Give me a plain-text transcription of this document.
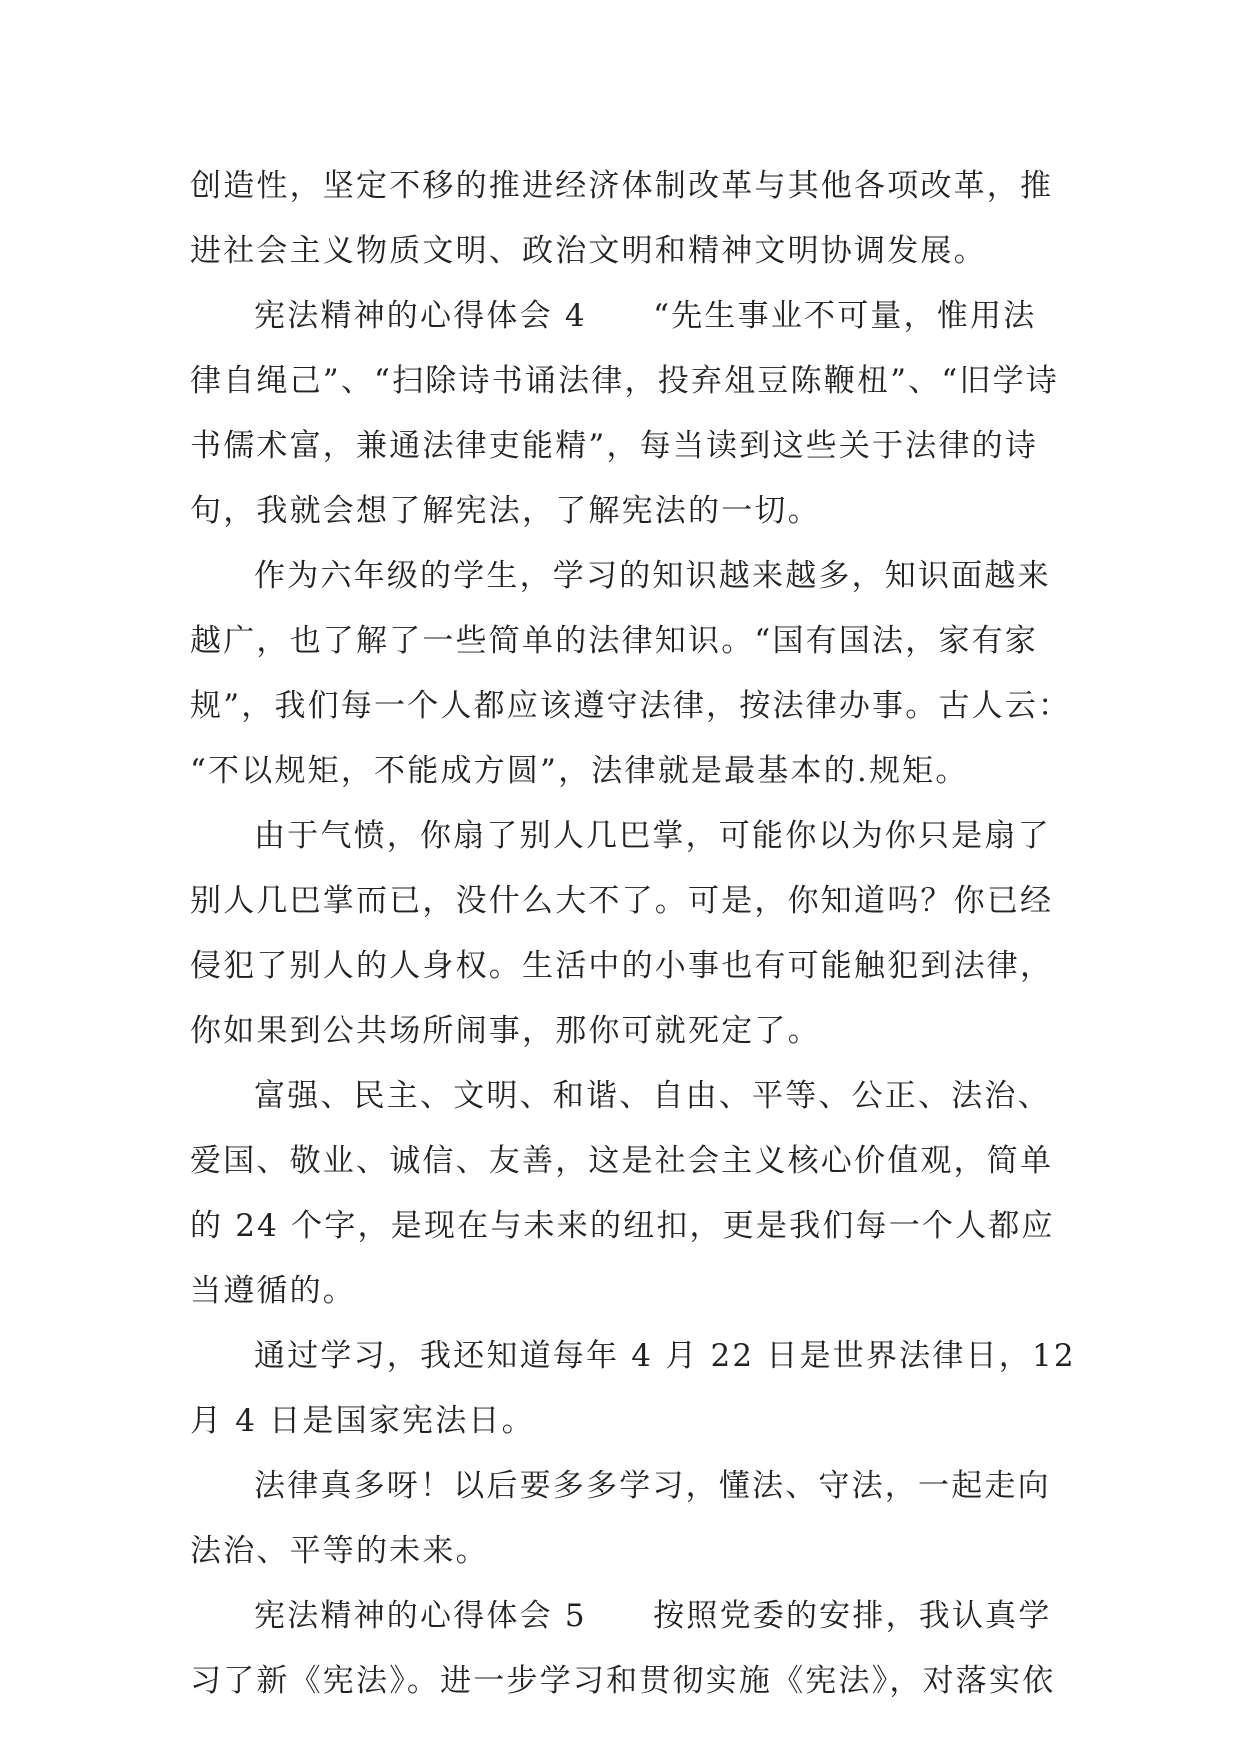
创造性，坚定不移的推进经济体制改革与其他各项改革，推
进社会主义物质文明、政治文明和精神文明协调发展。
宪法精神的心得体会 4　　“先生事业不可量，惟用法
律自绳己”、“扫除诗书诵法律，投弃俎豆陈鞭杻”、“旧学诗
书儒术富，兼通法律吏能精”，每当读到这些关于法律的诗
句，我就会想了解宪法，了解宪法的一切。
作为六年级的学生，学习的知识越来越多，知识面越来
越广，也了解了一些简单的法律知识。“国有国法，家有家
规”，我们每一个人都应该遵守法律，按法律办事。古人云：
“不以规矩，不能成方圆”，法律就是最基本的.规矩。
由于气愤，你扇了别人几巴掌，可能你以为你只是扇了
别人几巴掌而已，没什么大不了。可是，你知道吗？你已经
侵犯了别人的人身权。生活中的小事也有可能触犯到法律，
你如果到公共场所闹事，那你可就死定了。
富强、民主、文明、和谐、自由、平等、公正、法治、
爱国、敬业、诚信、友善，这是社会主义核心价值观，简单
的 24 个字，是现在与未来的纽扣，更是我们每一个人都应
当遵循的。
通过学习，我还知道每年 4 月 22 日是世界法律日，12
月 4 日是国家宪法日。
法律真多呀！以后要多多学习，懂法、守法，一起走向
法治、平等的未来。
宪法精神的心得体会 5　　按照党委的安排，我认真学
习了新《宪法》。进一步学习和贯彻实施《宪法》，对落实依
